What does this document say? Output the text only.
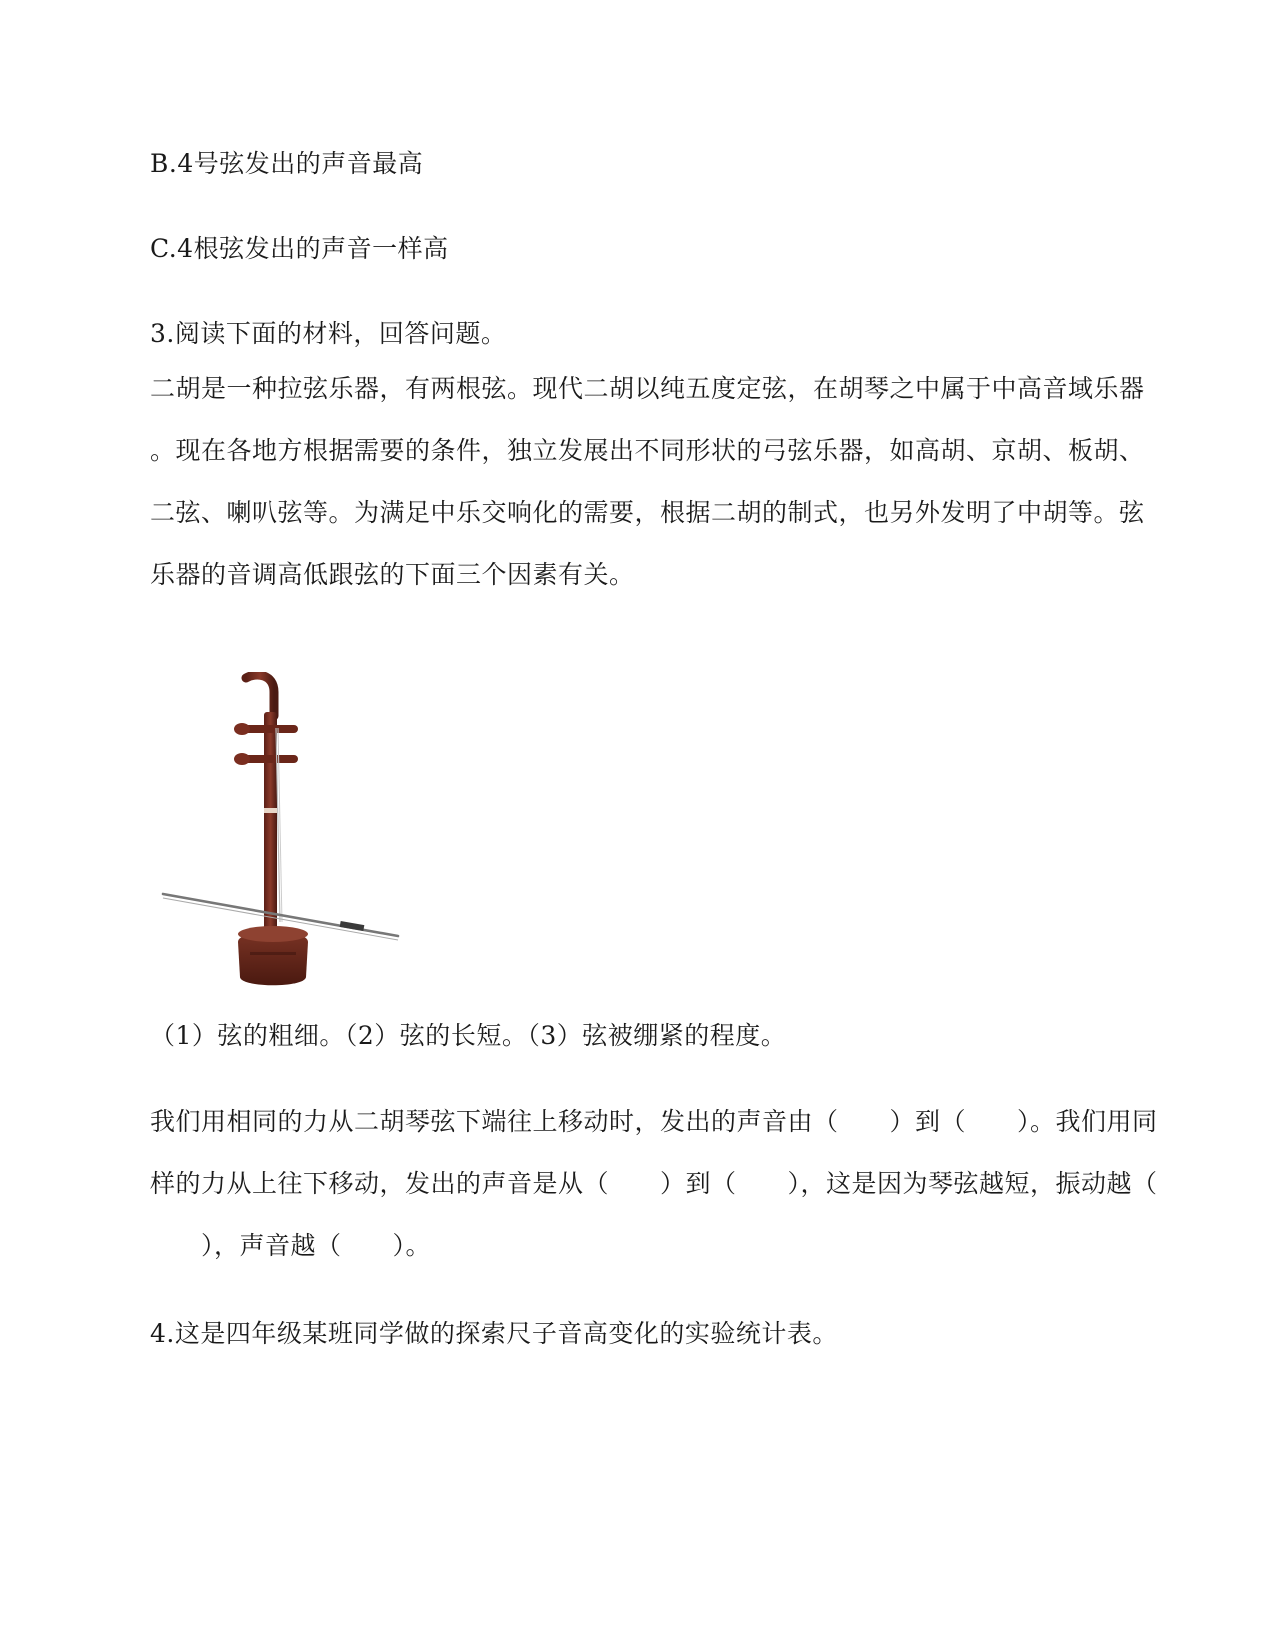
B.4号弦发出的声音最高
C.4根弦发出的声音一样高
3.阅读下面的材料，回答问题。
二胡是一种拉弦乐器，有两根弦。现代二胡以纯五度定弦，在胡琴之中属于中高音域乐器
。现在各地方根据需要的条件，独立发展出不同形状的弓弦乐器，如高胡、京胡、板胡、
二弦、喇叭弦等。为满足中乐交响化的需要，根据二胡的制式，也另外发明了中胡等。弦
乐器的音调高低跟弦的下面三个因素有关。
（1）弦的粗细。（2）弦的长短。（3）弦被绷紧的程度。
我们用相同的力从二胡琴弦下端往上移动时，发出的声音由（　　）到（　　）。我们用同
样的力从上往下移动，发出的声音是从（　　）到（　　），这是因为琴弦越短，振动越（
　　），声音越（　　）。
4.这是四年级某班同学做的探索尺子音高变化的实验统计表。
